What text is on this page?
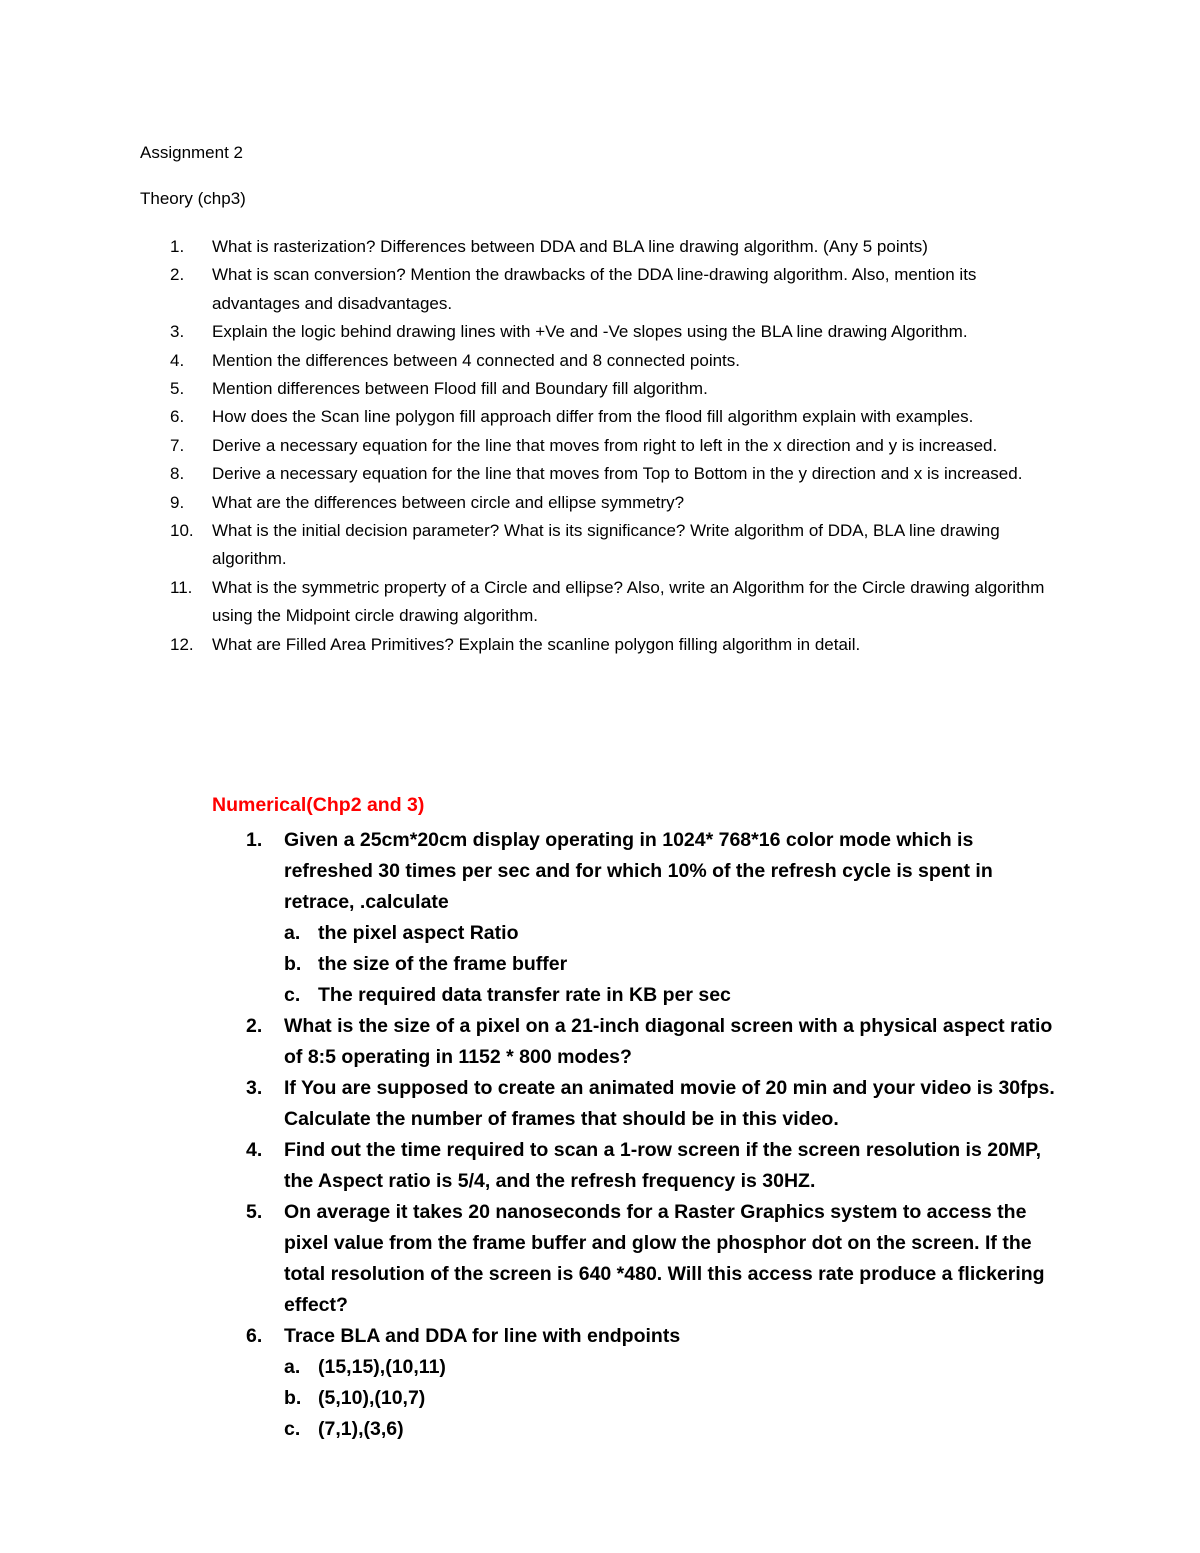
Assignment 2
Theory (chp3)
1. What is rasterization? Differences between DDA and BLA line drawing algorithm. (Any 5 points)
2. What is scan conversion? Mention the drawbacks of the DDA line-drawing algorithm. Also, mention its advantages and disadvantages.
3. Explain the logic behind drawing lines with +Ve and -Ve slopes using the BLA line drawing Algorithm.
4. Mention the differences between 4 connected and 8 connected points.
5. Mention differences between Flood fill and Boundary fill algorithm.
6. How does the Scan line polygon fill approach differ from the flood fill algorithm explain with examples.
7. Derive a necessary equation for the line that moves from right to left in the x direction and y is increased.
8. Derive a necessary equation for the line that moves from Top to Bottom in the y direction and x is increased.
9. What are the differences between circle and ellipse symmetry?
10. What is the initial decision parameter? What is its significance? Write algorithm of DDA, BLA line drawing algorithm.
11. What is the symmetric property of a Circle and ellipse? Also, write an Algorithm for the Circle drawing algorithm using the Midpoint circle drawing algorithm.
12. What are Filled Area Primitives? Explain the scanline polygon filling algorithm in detail.
Numerical(Chp2 and 3)
1. Given a 25cm*20cm display operating in 1024* 768*16 color mode which is refreshed 30 times per sec and for which 10% of the refresh cycle is spent in retrace, .calculate
a. the pixel aspect Ratio
b. the size of the frame buffer
c. The required data transfer rate in KB per sec
2. What is the size of a pixel on a 21-inch diagonal screen with a physical aspect ratio of 8:5 operating in 1152 * 800 modes?
3. If You are supposed to create an animated movie of 20 min and your video is 30fps. Calculate the number of frames that should be in this video.
4. Find out the time required to scan a 1-row screen if the screen resolution is 20MP, the Aspect ratio is 5/4, and the refresh frequency is 30HZ.
5. On average it takes 20 nanoseconds for a Raster Graphics system to access the pixel value from the frame buffer and glow the phosphor dot on the screen. If the total resolution of the screen is 640 *480. Will this access rate produce a flickering effect?
6. Trace BLA and DDA for line with endpoints
a. (15,15),(10,11)
b. (5,10),(10,7)
c. (7,1),(3,6)
